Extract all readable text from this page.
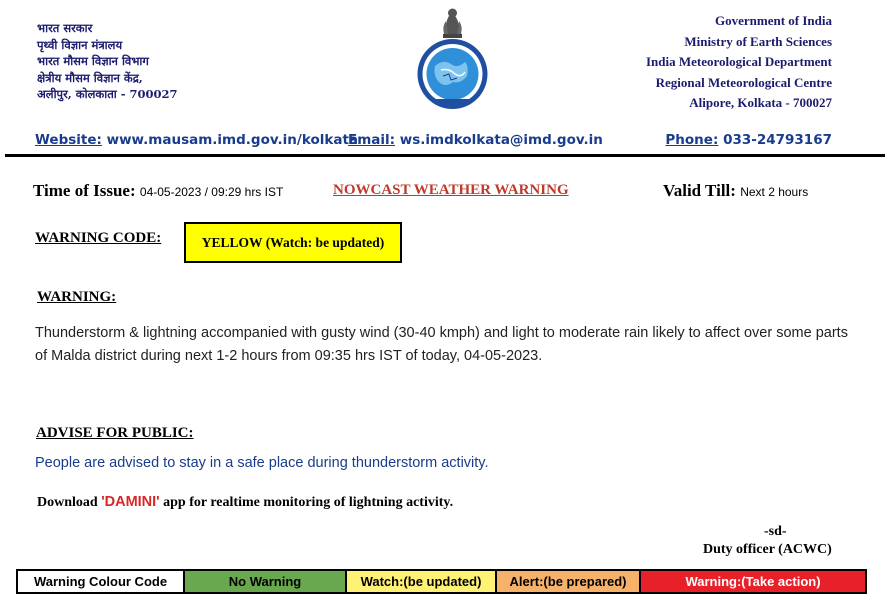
भारत सरकार
पृथ्वी विज्ञान मंत्रालय
भारत मौसम विज्ञान विभाग
क्षेत्रीय मौसम विज्ञान केंद्र,
अलीपुर, कोलकाता - 700027
Government of India
Ministry of Earth Sciences
India Meteorological Department
Regional Meteorological Centre
Alipore, Kolkata - 700027
Website: www.mausam.imd.gov.in/kolkata
Email: ws.imdkolkata@imd.gov.in	Phone: 033-24793167
Time of Issue: 04-05-2023 / 09:29 hrs IST	NOWCAST WEATHER WARNING	Valid Till: Next 2 hours
WARNING CODE:	YELLOW (Watch: be updated)
WARNING:
Thunderstorm & lightning accompanied with gusty wind (30-40 kmph) and light to moderate rain likely to affect over some parts of Malda district during next 1-2 hours from 09:35 hrs IST of today, 04-05-2023.
ADVISE FOR PUBLIC:
People are advised to stay in a safe place during thunderstorm activity.
Download 'DAMINI' app for realtime monitoring of lightning activity.
-sd-
Duty officer (ACWC)
Warning Colour Code	No Warning	Watch:(be updated)	Alert:(be prepared)	Warning:(Take action)
